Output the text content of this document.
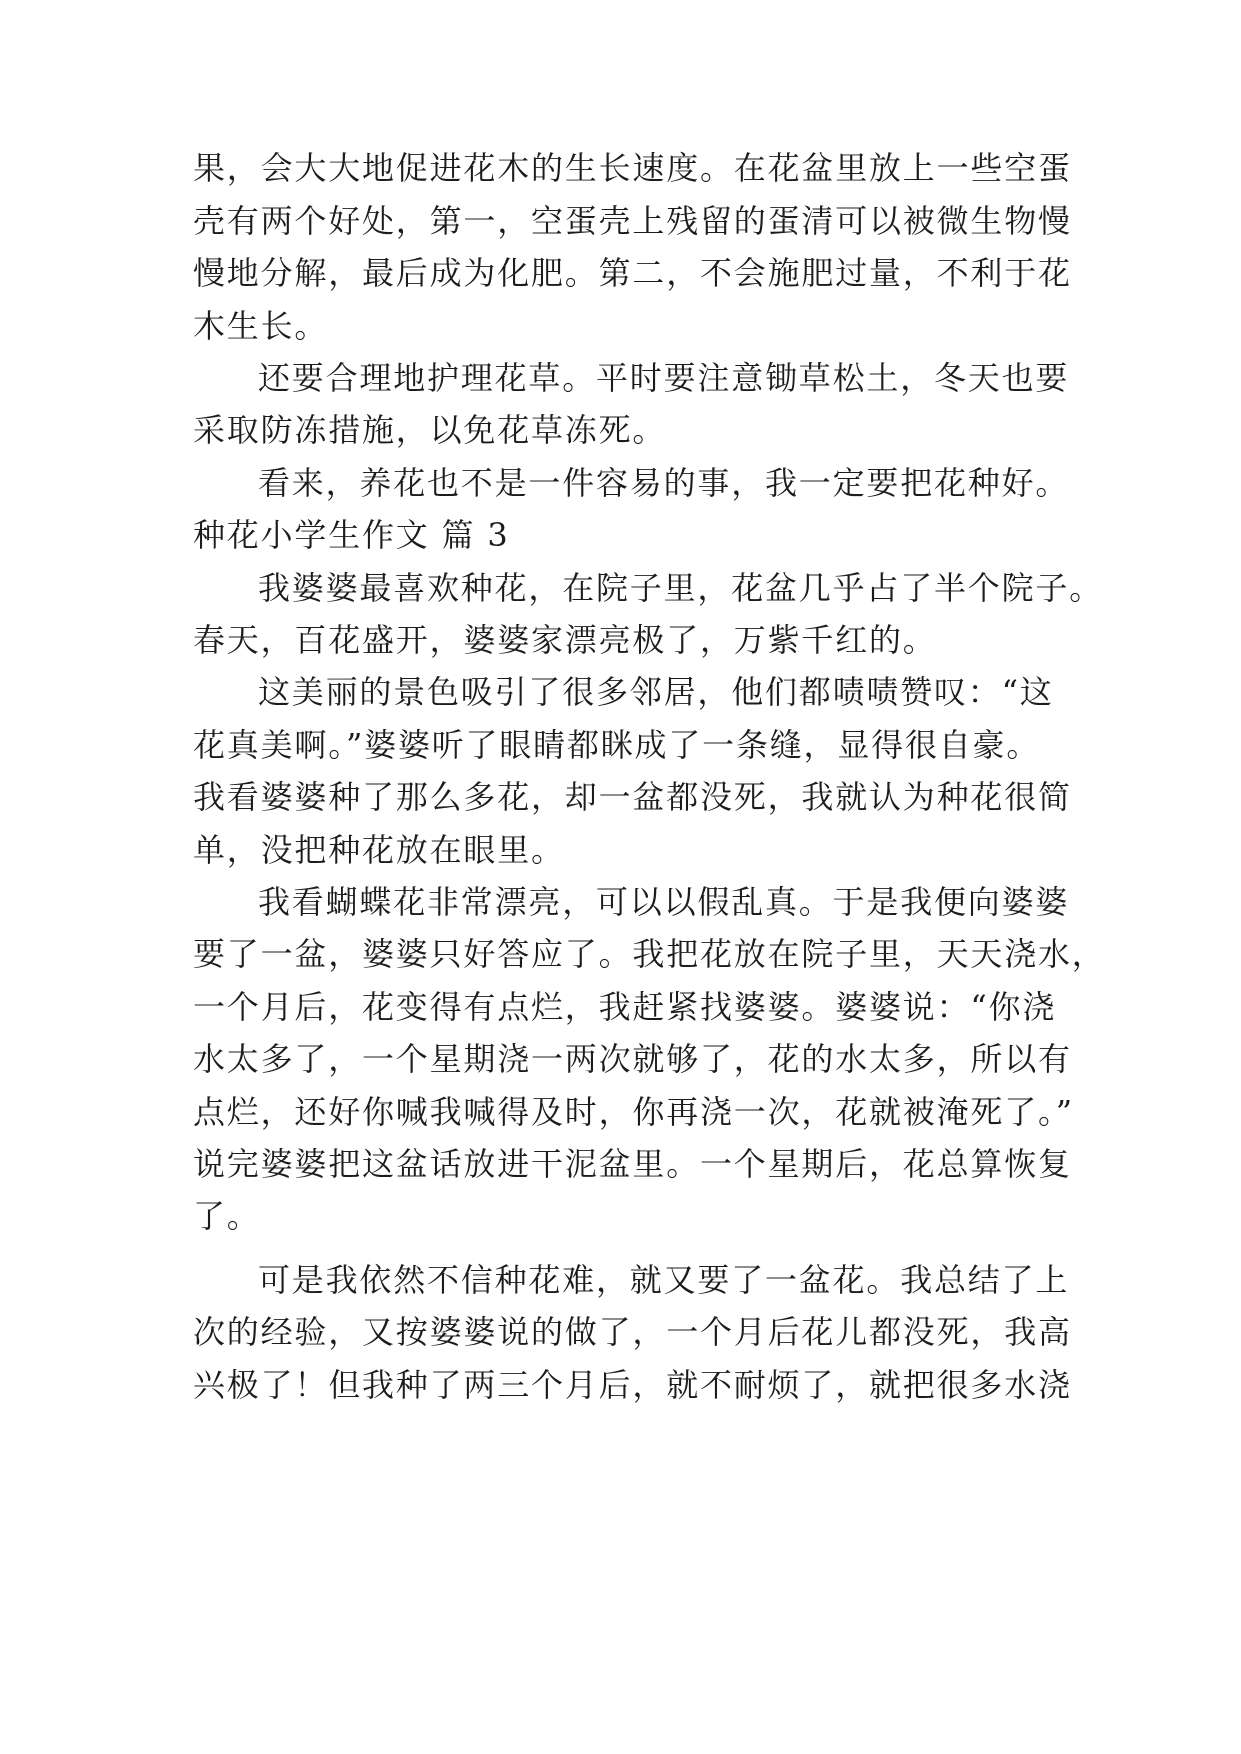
果，会大大地促进花木的生长速度。在花盆里放上一些空蛋
壳有两个好处，第一，空蛋壳上残留的蛋清可以被微生物慢
慢地分解，最后成为化肥。第二，不会施肥过量，不利于花
木生长。
还要合理地护理花草。平时要注意锄草松土，冬天也要
采取防冻措施，以免花草冻死。
看来，养花也不是一件容易的事，我一定要把花种好。
种花小学生作文 篇 3
我婆婆最喜欢种花，在院子里，花盆几乎占了半个院子。
春天，百花盛开，婆婆家漂亮极了，万紫千红的。
这美丽的景色吸引了很多邻居，他们都啧啧赞叹：“这
花真美啊。”婆婆听了眼睛都眯成了一条缝，显得很自豪。
我看婆婆种了那么多花，却一盆都没死，我就认为种花很简
单，没把种花放在眼里。
我看蝴蝶花非常漂亮，可以以假乱真。于是我便向婆婆
要了一盆，婆婆只好答应了。我把花放在院子里，天天浇水，
一个月后，花变得有点烂，我赶紧找婆婆。婆婆说：“你浇
水太多了，一个星期浇一两次就够了，花的水太多，所以有
点烂，还好你喊我喊得及时，你再浇一次，花就被淹死了。”
说完婆婆把这盆话放进干泥盆里。一个星期后，花总算恢复
了。
可是我依然不信种花难，就又要了一盆花。我总结了上
次的经验，又按婆婆说的做了，一个月后花儿都没死，我高
兴极了！但我种了两三个月后，就不耐烦了，就把很多水浇
